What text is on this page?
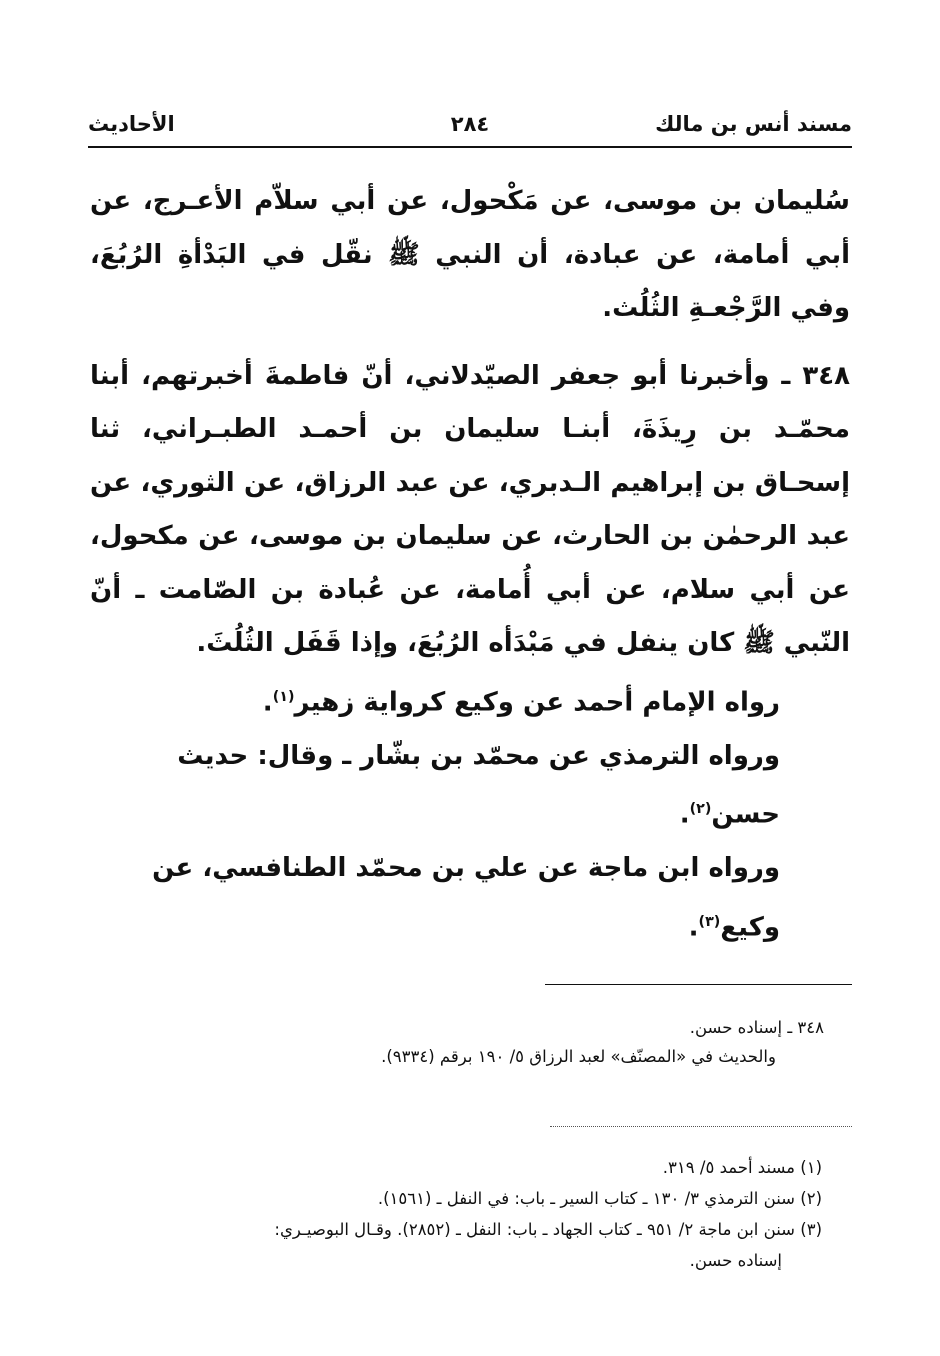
مسند أنس بن مالك
٢٨٤
الأحاديث

سُليمان بن موسى، عن مَكْحول، عن أبي سلاّم الأعـرج، عن أبي أمامة، عن عبادة، أن النبي ﷺ نقّل في البَدْأةِ الرُبُعَ، وفي الرَّجْعـةِ الثُلُث.

٣٤٨ ـ وأخبرنا أبو جعفر الصيّدلاني، أنّ فاطمةَ أخبرتهم، أبنا محمّـد بن رِيذَةَ، أبنـا سليمان بن أحمـد الطبـراني، ثنا إسحـاق بن إبراهيم الـدبري، عن عبد الرزاق، عن الثوري، عن عبد الرحمٰن بن الحارث، عن سليمان بن موسى، عن مكحول، عن أبي سلام، عن أبي أُمامة، عن عُبادة بن الصّامت ـ أنّ النّبي ﷺ كان ينفل في مَبْدَأه الرُبُعَ، وإذا قَفَل الثُلُثَ.

رواه الإمام أحمد عن وكيع كرواية زهير$^{(١)}$.

ورواه الترمذي عن محمّد بن بشّار ـ وقال: حديث حسن$^{(٢)}$.

ورواه ابن ماجة عن علي بن محمّد الطنافسي، عن وكيع$^{(٣)}$.

٣٤٨ ـ إسناده حسن.

والحديث في «المصنّف» لعبد الرزاق ٥/ ١٩٠ برقم (٩٣٣٤).

(١) مسند أحمد ٥/ ٣١٩.

(٢) سنن الترمذي ٣/ ١٣٠ ـ كتاب السير ـ باب: في النفل ـ (١٥٦١).

(٣) سنن ابن ماجة ٢/ ٩٥١ ـ كتاب الجهاد ـ باب: النفل ـ (٢٨٥٢). وقـال البوصيـري:

إسناده حسن.
